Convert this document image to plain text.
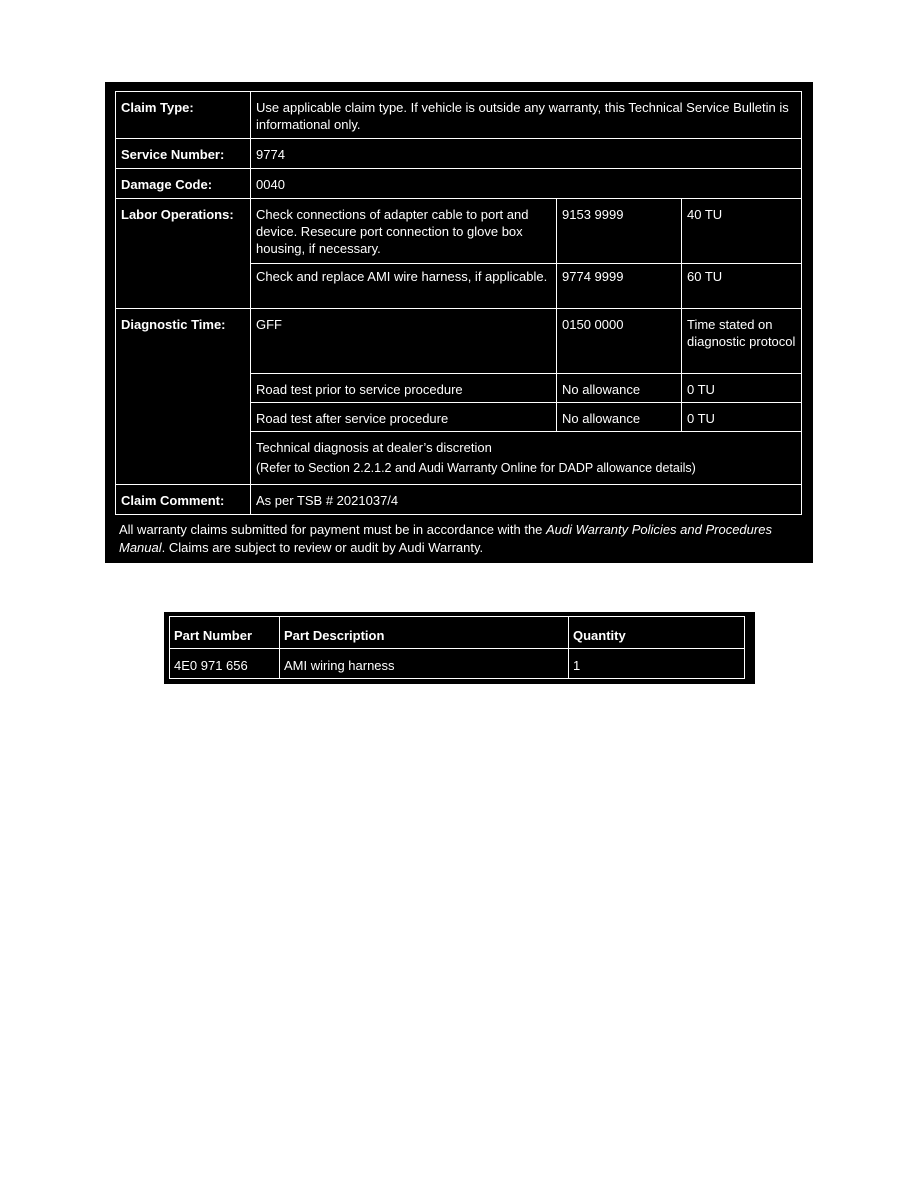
Claim Type:	Use applicable claim type. If vehicle is outside any warranty, this Technical Service Bulletin is informational only.		
Service Number:	9774		
Damage Code:	0040		
Labor Operations:	Check connections of adapter cable to port and device. Resecure port connection to glove box housing, if necessary.	9153 9999	40 TU
	Check and replace AMI wire harness, if applicable.	9774 9999	60 TU
Diagnostic Time:	GFF	0150 0000	Time stated on diagnostic protocol
	Road test prior to service procedure	No allowance	0 TU
	Road test after service procedure	No allowance	0 TU
	Technical diagnosis at dealer’s discretion
(Refer to Section 2.2.1.2 and Audi Warranty Online for DADP allowance details)		

Claim Comment:	As per TSB # 2021037/4		
All warranty claims submitted for payment must be in accordance with the Audi Warranty Policies and Procedures Manual. Claims are subject to review or audit by Audi Warranty.
Part Number	Part Description	Quantity
4E0 971 656	AMI wiring harness	1
